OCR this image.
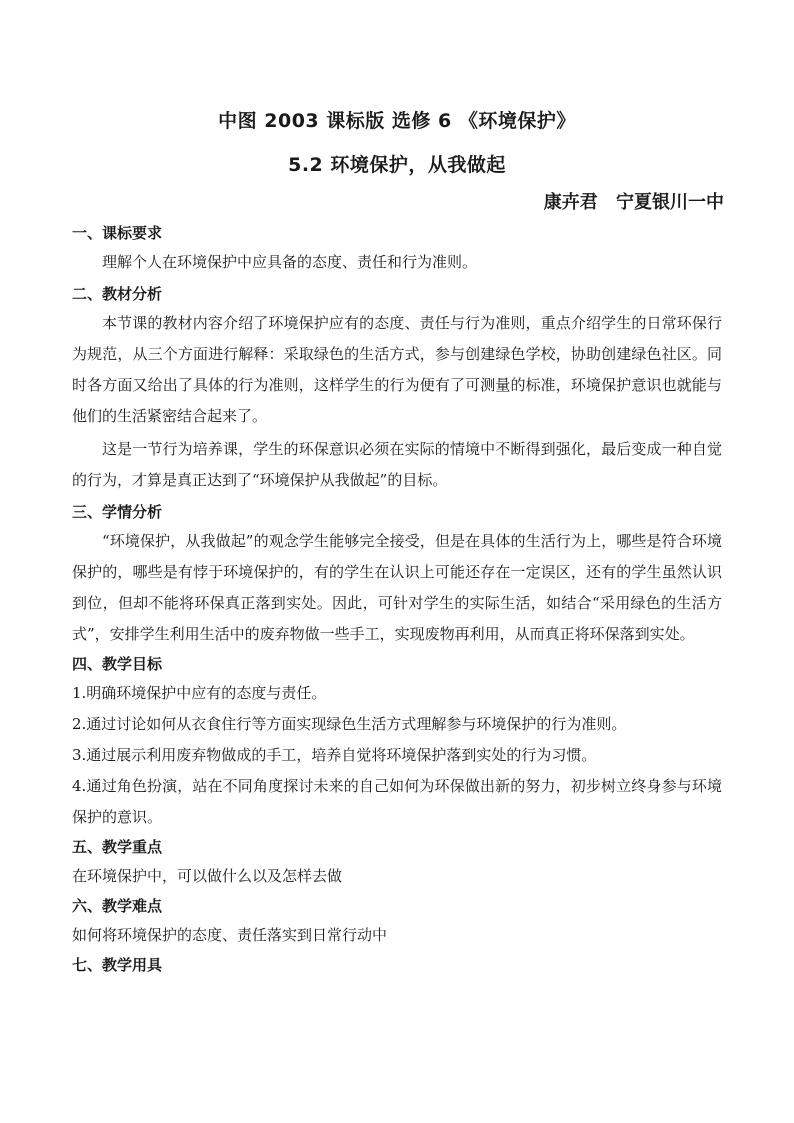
中图 2003 课标版 选修 6 《环境保护》
5.2 环境保护，从我做起
康卉君 宁夏银川一中
一、课标要求
理解个人在环境保护中应具备的态度、责任和行为准则。
二、教材分析
本节课的教材内容介绍了环境保护应有的态度、责任与行为准则，重点介绍学生的日常环保行为规范，从三个方面进行解释：采取绿色的生活方式，参与创建绿色学校，协助创建绿色社区。同时各方面又给出了具体的行为准则，这样学生的行为便有了可测量的标准，环境保护意识也就能与他们的生活紧密结合起来了。
这是一节行为培养课，学生的环保意识必须在实际的情境中不断得到强化，最后变成一种自觉的行为，才算是真正达到了“环境保护从我做起”的目标。
三、学情分析
“环境保护，从我做起”的观念学生能够完全接受，但是在具体的生活行为上，哪些是符合环境保护的，哪些是有悖于环境保护的，有的学生在认识上可能还存在一定误区，还有的学生虽然认识到位，但却不能将环保真正落到实处。因此，可针对学生的实际生活，如结合“采用绿色的生活方式”，安排学生利用生活中的废弃物做一些手工，实现废物再利用，从而真正将环保落到实处。
四、教学目标
1.明确环境保护中应有的态度与责任。
2.通过讨论如何从衣食住行等方面实现绿色生活方式理解参与环境保护的行为准则。
3.通过展示利用废弃物做成的手工，培养自觉将环境保护落到实处的行为习惯。
4.通过角色扮演，站在不同角度探讨未来的自己如何为环保做出新的努力，初步树立终身参与环境保护的意识。
五、教学重点
在环境保护中，可以做什么以及怎样去做
六、教学难点
如何将环境保护的态度、责任落实到日常行动中
七、教学用具
